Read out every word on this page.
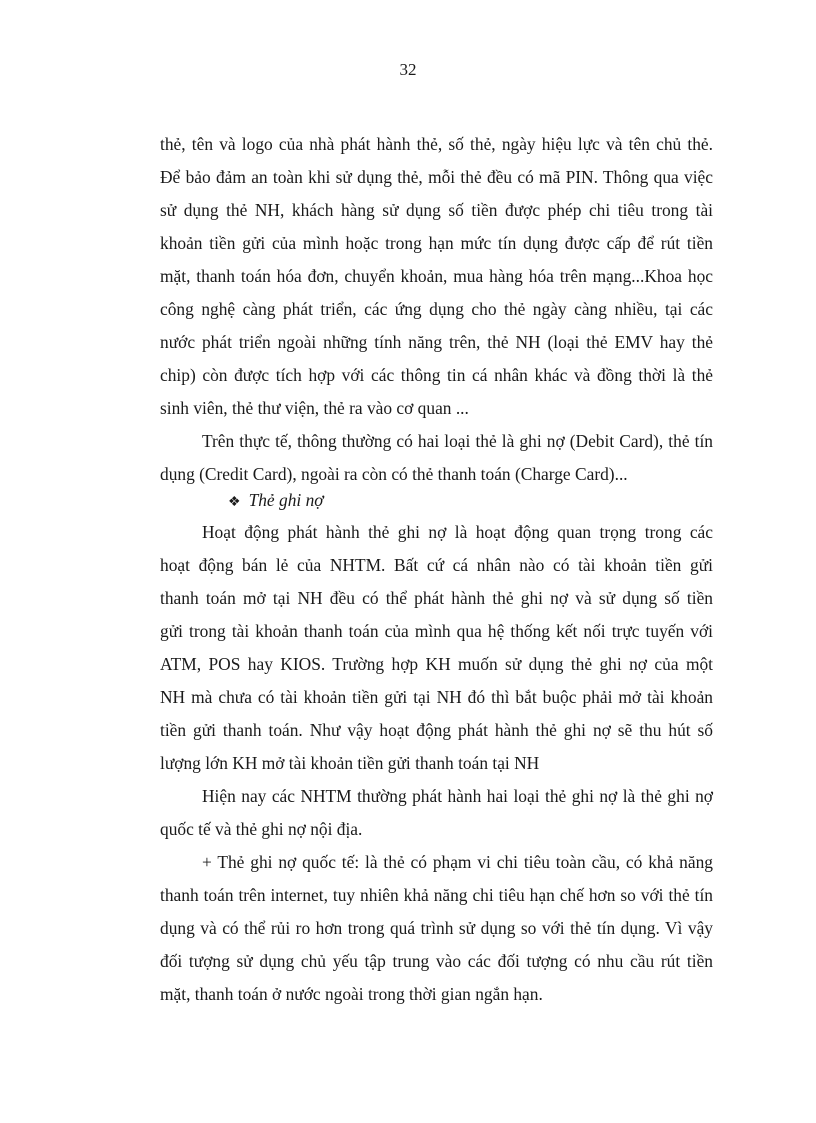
32
thẻ, tên và logo của nhà phát hành thẻ, số thẻ, ngày hiệu lực và tên chủ thẻ.
Để bảo đảm an toàn khi sử dụng thẻ, mỗi thẻ đều có mã PIN. Thông qua việc
sử dụng thẻ NH, khách hàng sử dụng số tiền được phép chi tiêu trong tài
khoản tiền gửi của mình hoặc trong hạn mức tín dụng được cấp để rút tiền
mặt, thanh toán hóa đơn, chuyển khoản, mua hàng hóa trên mạng...Khoa học
công nghệ càng phát triển, các ứng dụng cho thẻ ngày càng nhiều, tại các
nước phát triển ngoài những tính năng trên, thẻ NH (loại thẻ EMV hay thẻ
chip) còn được tích hợp với các thông tin cá nhân khác và đồng thời là thẻ
sinh viên, thẻ thư viện, thẻ ra vào cơ quan ...
Trên thực tế, thông thường có hai loại thẻ là ghi nợ (Debit Card), thẻ tín
dụng (Credit Card), ngoài ra còn có thẻ thanh toán (Charge Card)...
❖ Thẻ ghi nợ
Hoạt động phát hành thẻ ghi nợ là hoạt động quan trọng trong các
hoạt động bán lẻ của NHTM. Bất cứ cá nhân nào có tài khoản tiền gửi
thanh toán mở tại NH đều có thể phát hành thẻ ghi nợ và sử dụng số tiền
gửi trong tài khoản thanh toán của mình qua hệ thống kết nối trực tuyến với
ATM, POS hay KIOS. Trường hợp KH muốn sử dụng thẻ ghi nợ của một
NH mà chưa có tài khoản tiền gửi tại NH đó thì bắt buộc phải mở tài khoản
tiền gửi thanh toán. Như vậy hoạt động phát hành thẻ ghi nợ sẽ thu hút số
lượng lớn KH mở tài khoản tiền gửi thanh toán tại NH
Hiện nay các NHTM thường phát hành hai loại thẻ ghi nợ là thẻ ghi nợ
quốc tế và thẻ ghi nợ nội địa.
+ Thẻ ghi nợ quốc tế: là thẻ có phạm vi chi tiêu toàn cầu, có khả năng
thanh toán trên internet, tuy nhiên khả năng chi tiêu hạn chế hơn so với thẻ tín
dụng và có thể rủi ro hơn trong quá trình sử dụng so với thẻ tín dụng. Vì vậy
đối tượng sử dụng chủ yếu tập trung vào các đối tượng có nhu cầu rút tiền
mặt, thanh toán ở nước ngoài trong thời gian ngắn hạn.
